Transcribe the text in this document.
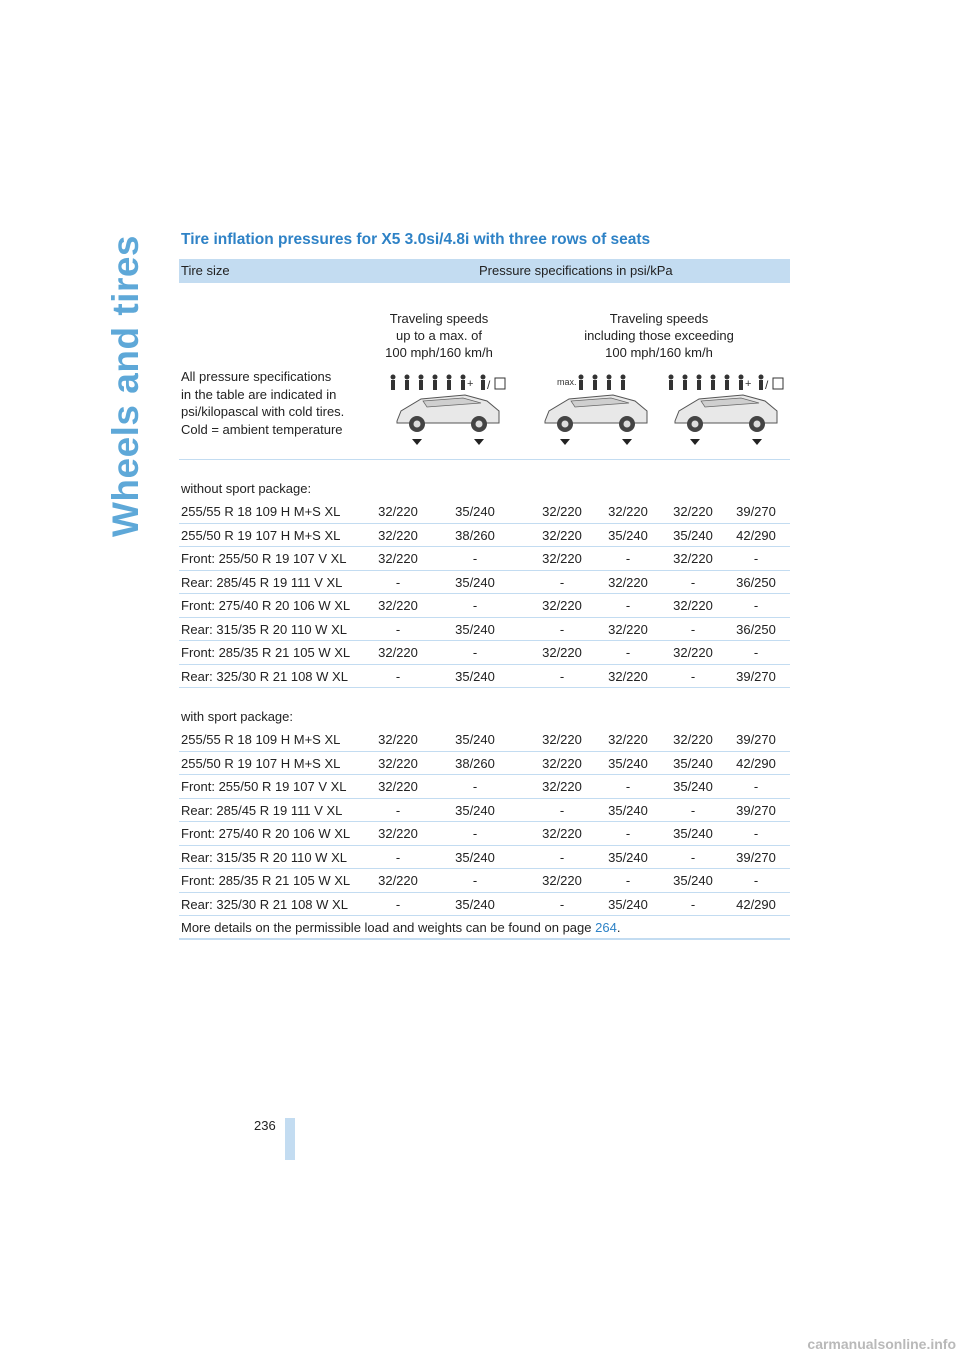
Wheels and tires Tire inflation pressures for X5 3.0si/4.8i with three rows of seats
Tire size	Pressure specifications in psi/kPa
Traveling speeds
up to a max. of
100 mph/160 km/h
Traveling speeds
including those exceeding
100 mph/160 km/h
All pressure specifications
in the table are indicated in
psi/kilopascal with cold tires.
Cold = ambient temperature
+ /	max.	+ /
without sport package:
255/55 R 18 109 H M+S XL	32/220	35/240	32/220	32/220	32/220	39/270
255/50 R 19 107 H M+S XL	32/220	38/260	32/220	35/240	35/240	42/290
Front: 255/50 R 19 107 V XL	32/220	-	32/220	-	32/220	-
Rear: 285/45 R 19 111 V XL	-	35/240	-	32/220	-	36/250
Front: 275/40 R 20 106 W XL	32/220	-	32/220	-	32/220	-
Rear: 315/35 R 20 110 W XL	-	35/240	-	32/220	-	36/250
Front: 285/35 R 21 105 W XL	32/220	-	32/220	-	32/220	-
Rear: 325/30 R 21 108 W XL	-	35/240	-	32/220	-	39/270
with sport package:
255/55 R 18 109 H M+S XL	32/220	35/240	32/220	32/220	32/220	39/270
255/50 R 19 107 H M+S XL	32/220	38/260	32/220	35/240	35/240	42/290
Front: 255/50 R 19 107 V XL	32/220	-	32/220	-	35/240	-
Rear: 285/45 R 19 111 V XL	-	35/240	-	35/240	-	39/270
Front: 275/40 R 20 106 W XL	32/220	-	32/220	-	35/240	-
Rear: 315/35 R 20 110 W XL	-	35/240	-	35/240	-	39/270
Front: 285/35 R 21 105 W XL	32/220	-	32/220	-	35/240	-
Rear: 325/30 R 21 108 W XL	-	35/240	-	35/240	-	42/290
More details on the permissible load and weights can be found on page 264.
236
carmanualsonline.info
